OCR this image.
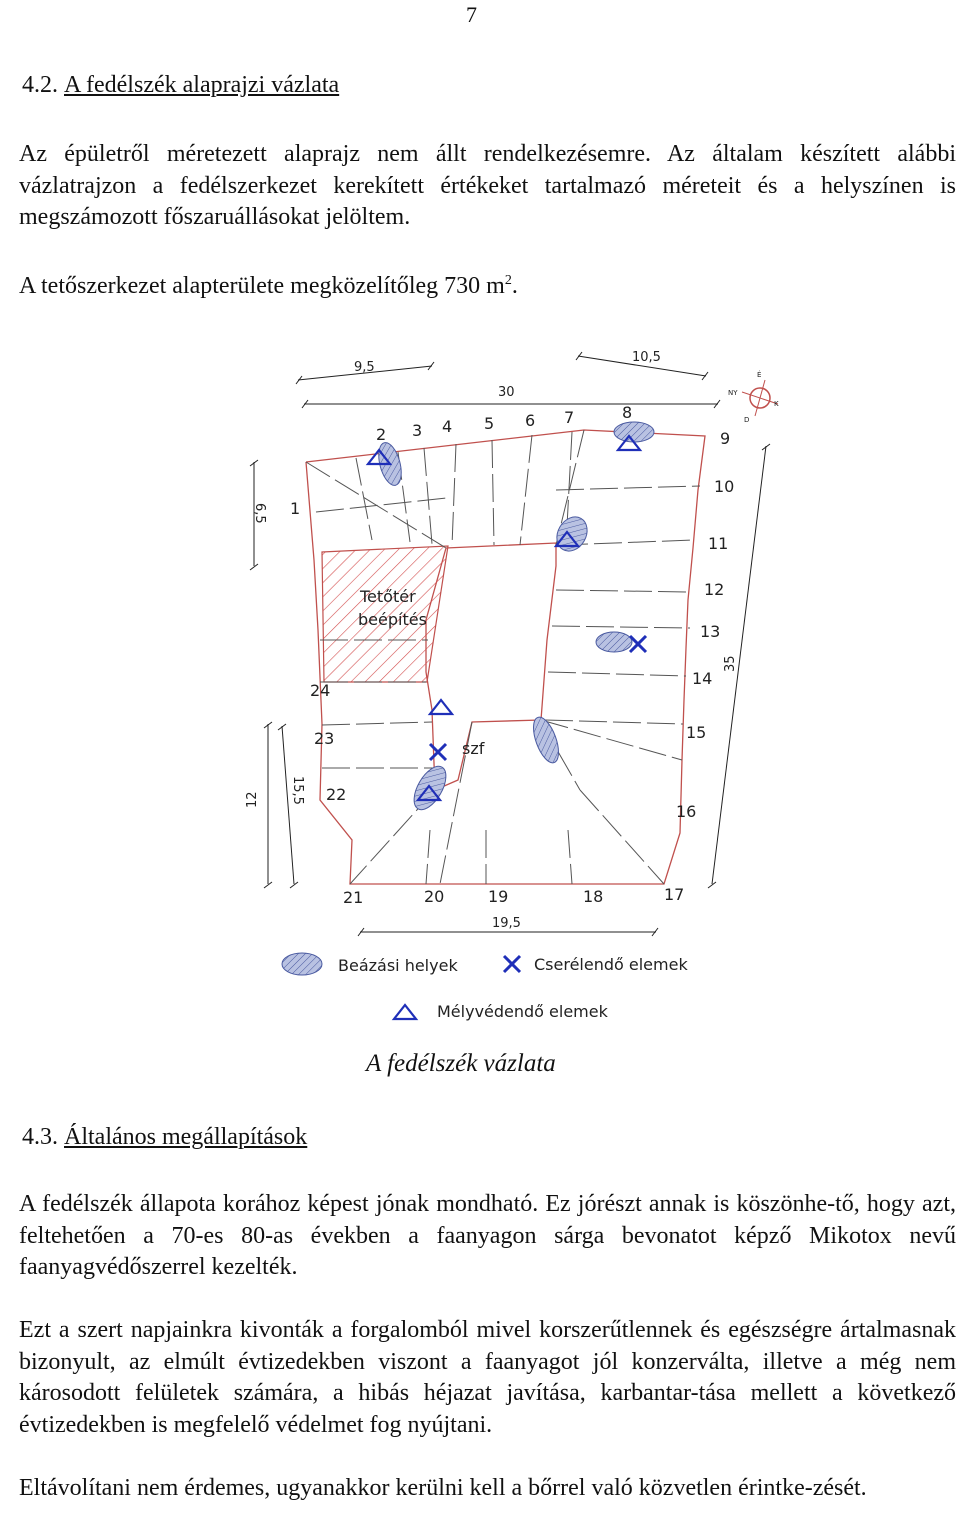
7
4.2. A fedélszék alaprajzi vázlata
Az épületről méretezett alaprajz nem állt rendelkezésemre. Az általam készített alábbi vázlatrajzon a fedélszerkezet kerekített értékeket tartalmazó méreteit és a helyszínen is megszámozott főszaruállásokat jelöltem.
A tetőszerkezet alapterülete megközelítőleg 730 $m^2$.
9,5
10,5
30
6,5
12 15,5
35
19,5
1
2 3 4 5 6 7	8
9
10
11
12
13
14
15
16
17
18
19
20
21
22
23
24
Tetőtér
beépítés
szf
É
K
D
NY
Beázási helyek	Cserélendő elemek
Mélyvédendő elemek
A fedélszék vázlata
4.3. Általános megállapítások
A fedélszék állapota korához képest jónak mondható. Ez jórészt annak is köszönhe-tő, hogy azt, feltehetően a 70-es 80-as években a faanyagon sárga bevonatot képző Mikotox nevű faanyagvédőszerrel kezelték.
Ezt a szert napjainkra kivonták a forgalomból mivel korszerűtlennek és egészségre ártalmasnak bizonyult, az elmúlt évtizedekben viszont a faanyagot jól konzerválta, illetve a még nem károsodott felületek számára, a hibás héjazat javítása, karbantar-tása mellett a következő évtizedekben is megfelelő védelmet fog nyújtani.
Eltávolítani nem érdemes, ugyanakkor kerülni kell a bőrrel való közvetlen érintke-zését.
